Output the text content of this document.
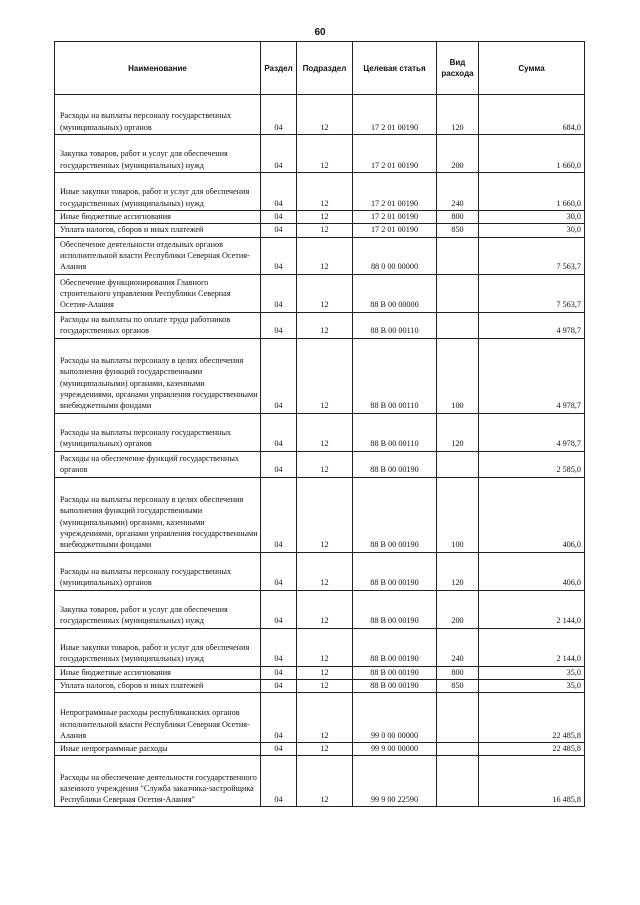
60
Наименование	Раздел	Подраздел	Целевая статья	Вид расхода	Сумма
Расходы на выплаты персоналу государственных (муниципальных) органов	04	12	17 2 01 00190	120	684,0
Закупка товаров, работ и услуг для обеспечения государственных (муниципальных) нужд	04	12	17 2 01 00190	200	1 660,0
Иные закупки товаров, работ и услуг для обеспечения государственных (муниципальных) нужд	04	12	17 2 01 00190	240	1 660,0
Иные бюджетные ассигнования	04	12	17 2 01 00190	800	30,0
Уплата налогов, сборов и иных платежей	04	12	17 2 01 00190	850	30,0
Обеспечение деятельности отдельных органов исполнительной власти Республики Северная Осетия-Алания	04	12	88 0 00 00000		7 563,7
Обеспечение функционирования Главного строительного управления Республики Северная Осетия-Алания	04	12	88 В 00 00000		7 563,7
Расходы на выплаты по оплате труда работников государственных органов	04	12	88 В 00 00110		4 978,7
Расходы на выплаты персоналу в целях обеспечения выполнения функций государственными (муниципальными) органами, казенными учреждениями, органами управления государственными внебюджетными фондами	04	12	88 В 00 00110	100	4 978,7
Расходы на выплаты персоналу государственных (муниципальных) органов	04	12	88 В 00 00110	120	4 978,7
Расходы на обеспечение функций государственных органов	04	12	88 В 00 00190		2 585,0
Расходы на выплаты персоналу в целях обеспечения выполнения функций государственными (муниципальными) органами, казенными учреждениями, органами управления государственными внебюджетными фондами	04	12	88 В 00 00190	100	406,0
Расходы на выплаты персоналу государственных (муниципальных) органов	04	12	88 В 00 00190	120	406,0
Закупка товаров, работ и услуг для обеспечения государственных (муниципальных) нужд	04	12	88 В 00 00190	200	2 144,0
Иные закупки товаров, работ и услуг для обеспечения государственных (муниципальных) нужд	04	12	88 В 00 00190	240	2 144,0
Иные бюджетные ассигнования	04	12	88 В 00 00190	800	35,0
Уплата налогов, сборов и иных платежей	04	12	88 В 00 00190	850	35,0
Непрограммные расходы республиканских органов исполнительной власти Республики Северная Осетия-Алания	04	12	99 0 00 00000		22 485,8
Иные непрограммные расходы	04	12	99 9 00 00000		22 485,8
Расходы на обеспечение деятельности государственного казенного учреждения "Служба заказчика-застройщика Республики Северная Осетия-Алания"	04	12	99 9 00 22590		16 485,8
